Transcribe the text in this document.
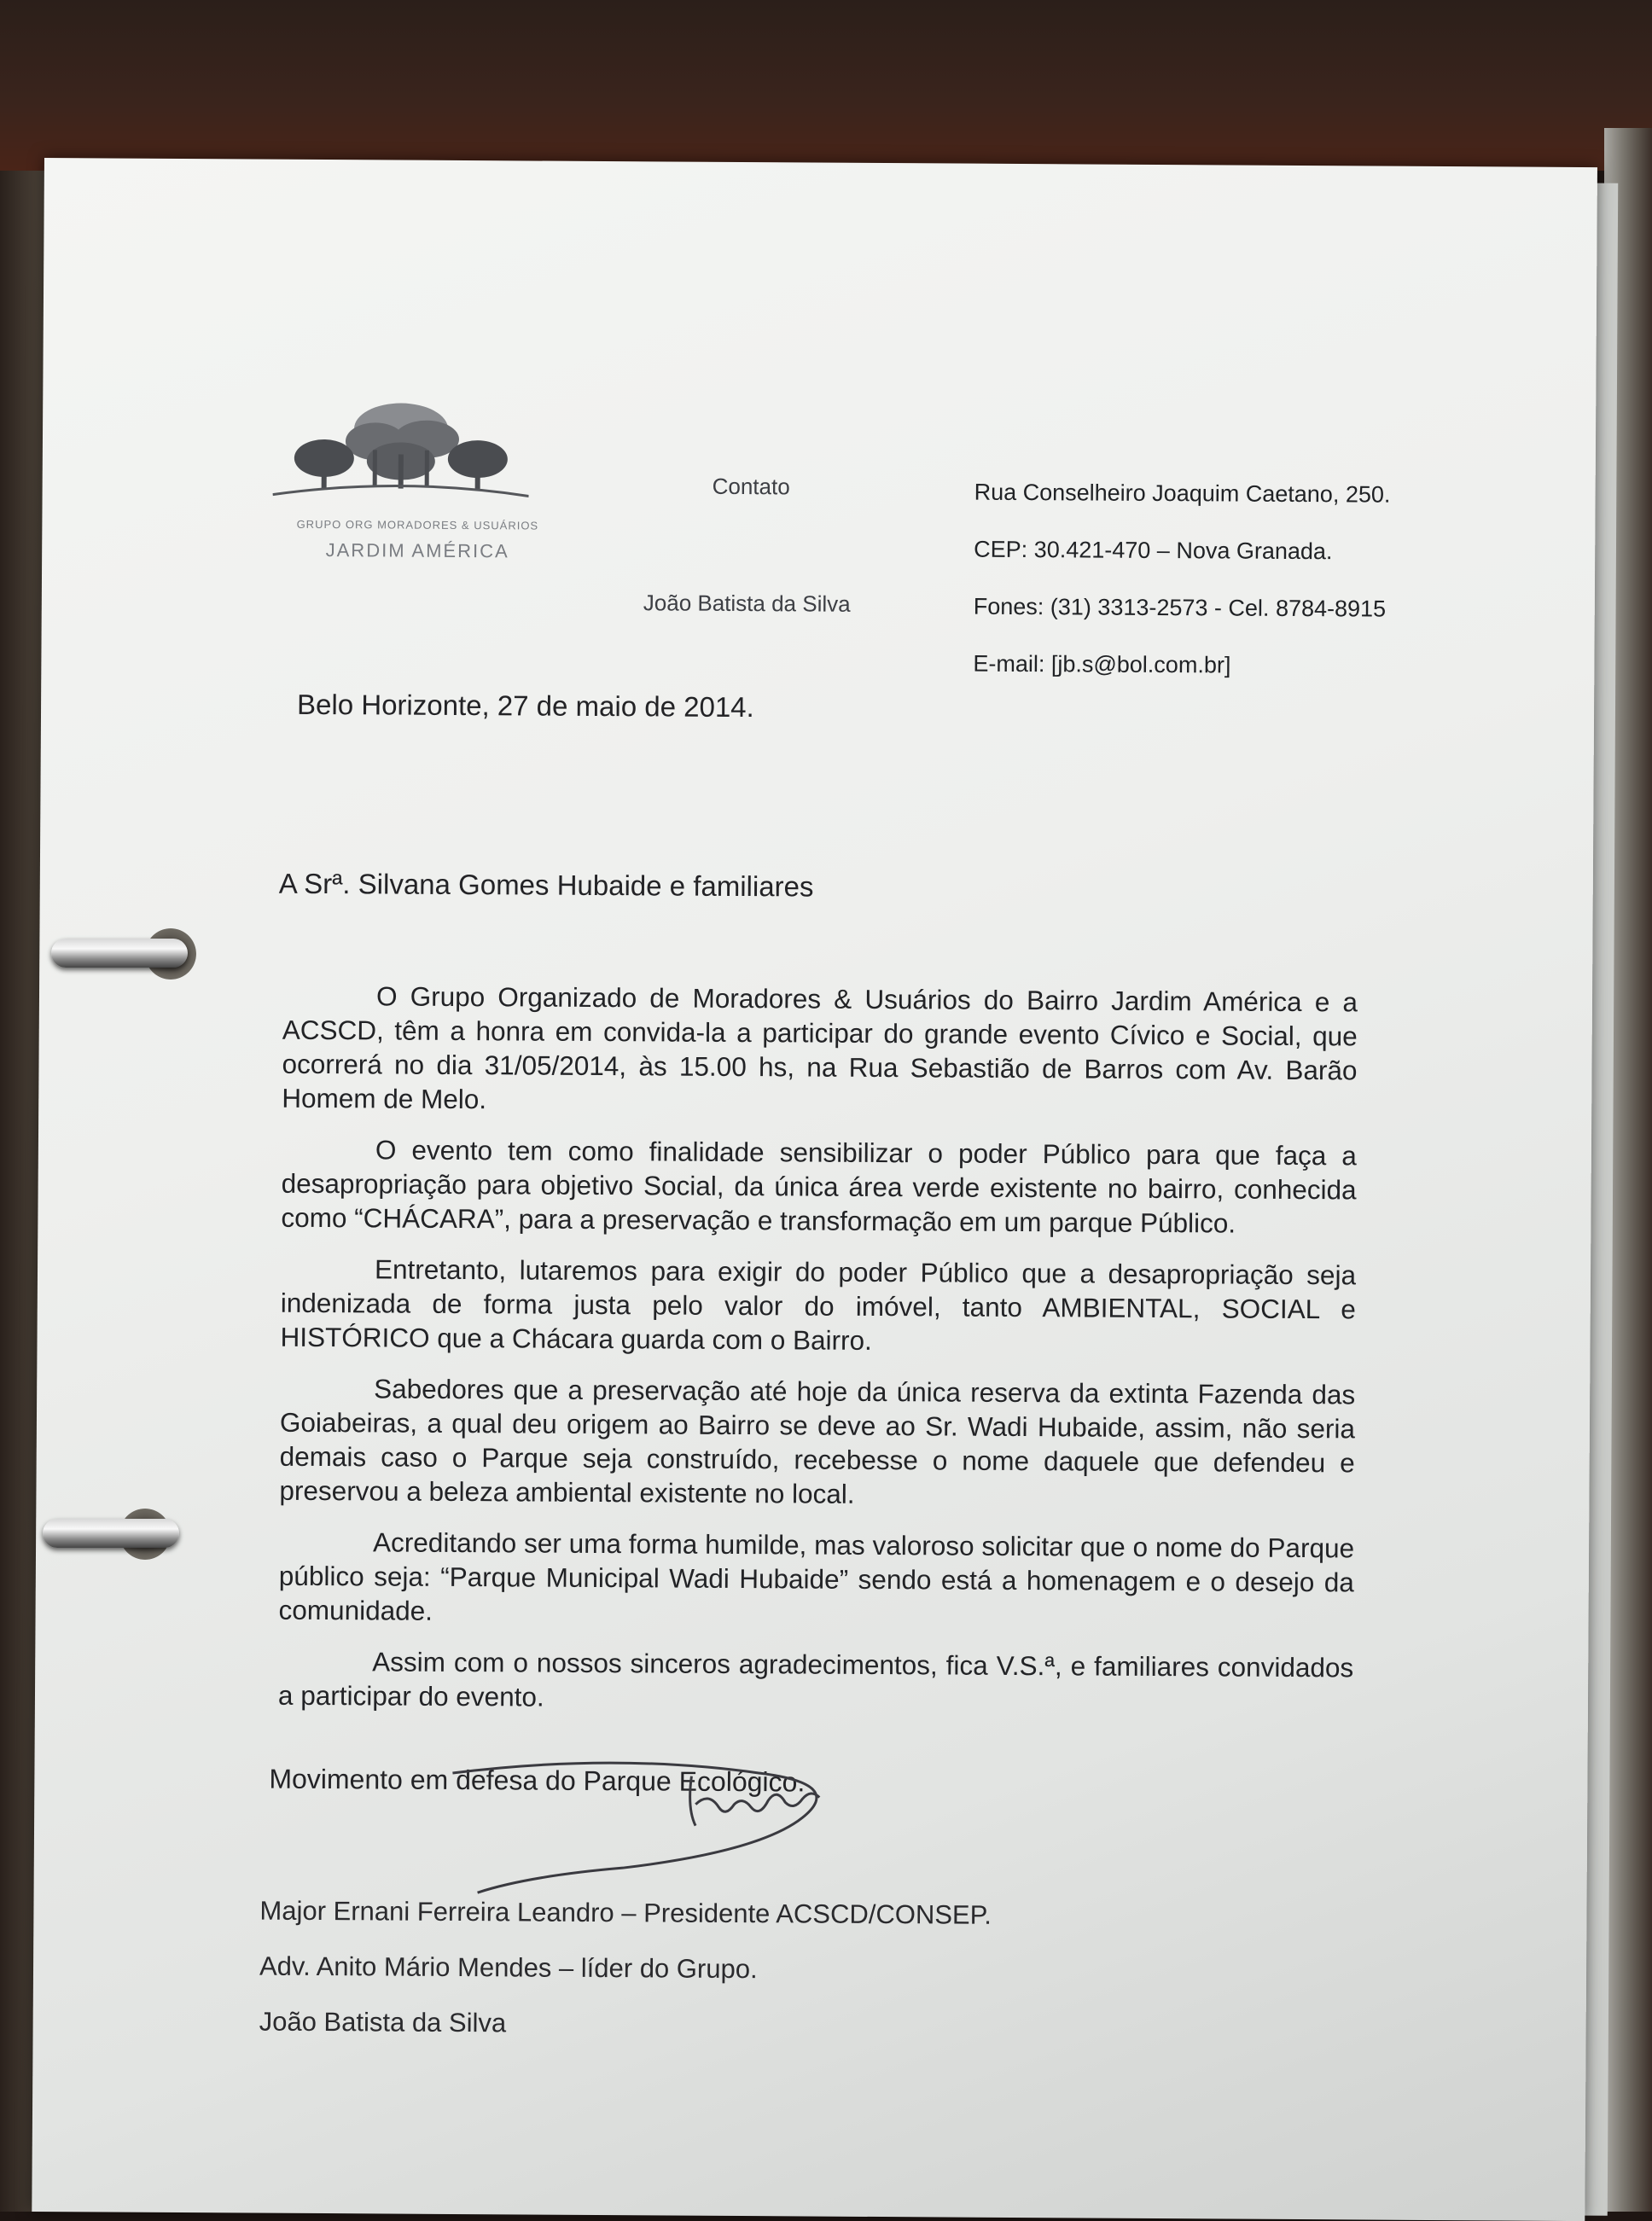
GRUPO ORG MORADORES & USUÁRIOS
JARDIM AMÉRICA
Contato
João Batista da Silva
Rua Conselheiro Joaquim Caetano, 250.
CEP: 30.421-470 – Nova Granada.
Fones: (31) 3313-2573 - Cel. 8784-8915
E-mail: [jb.s@bol.com.br]
Belo Horizonte, 27 de maio de 2014.
A Srª. Silvana Gomes Hubaide e familiares

O Grupo Organizado de Moradores & Usuários do Bairro Jardim América e a ACSCD, têm a honra em convida-la a participar do grande evento Cívico e Social, que ocorrerá no dia 31/05/2014, às 15.00 hs, na Rua Sebastião de Barros com Av. Barão Homem de Melo.

O evento tem como finalidade sensibilizar o poder Público para que faça a desapropriação para objetivo Social, da única área verde existente no bairro, conhecida como “CHÁCARA”, para a preservação e transformação em um parque Público.

Entretanto, lutaremos para exigir do poder Público que a desapropriação seja indenizada de forma justa pelo valor do imóvel, tanto AMBIENTAL, SOCIAL e HISTÓRICO que a Chácara guarda com o Bairro.

Sabedores que a preservação até hoje da única reserva da extinta Fazenda das Goiabeiras, a qual deu origem ao Bairro se deve ao Sr. Wadi Hubaide, assim, não seria demais caso o Parque seja construído, recebesse o nome daquele que defendeu e preservou a beleza ambiental existente no local.

Acreditando ser uma forma humilde, mas valoroso solicitar que o nome do Parque público seja: “Parque Municipal Wadi Hubaide” sendo está a homenagem e o desejo da comunidade.

Assim com o nossos sinceros agradecimentos, fica V.S.ª, e familiares convidados a participar do evento.

Movimento em defesa do Parque Ecológico.
Major Ernani Ferreira Leandro – Presidente ACSCD/CONSEP.
Adv. Anito Mário Mendes – líder do Grupo.
João Batista da Silva
